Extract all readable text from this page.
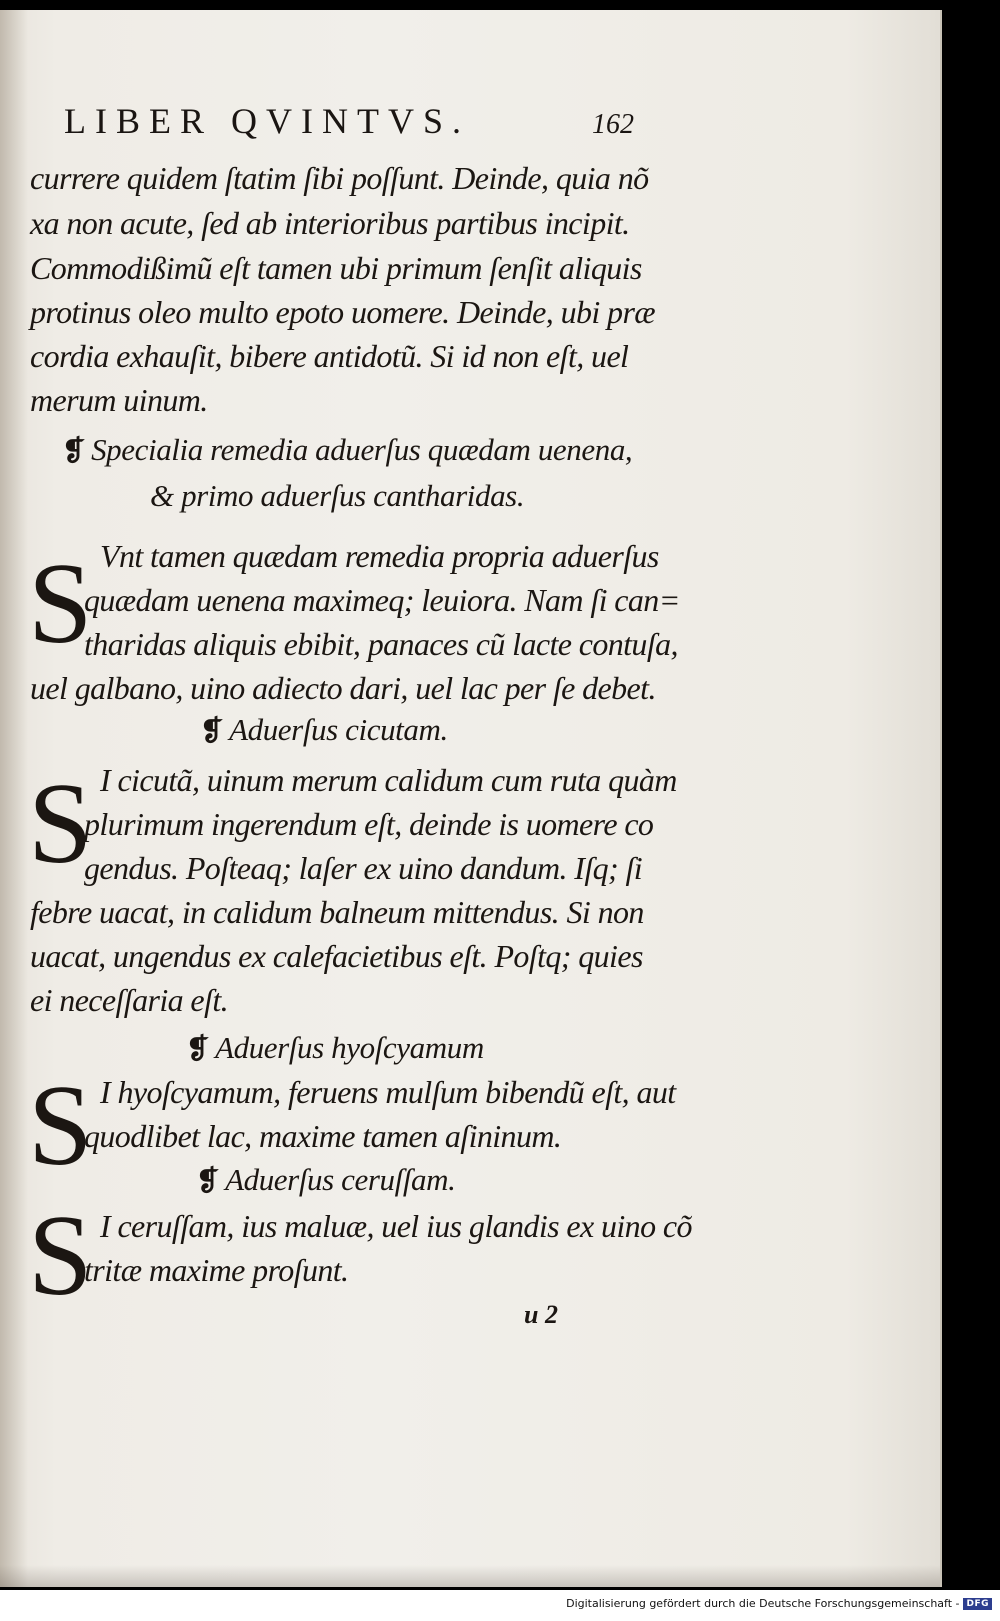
LIBER QVINTVS.	162
currere quidem ſtatim ſibi poſſunt. Deinde, quia nõ
xa non acute, ſed ab interioribus partibus incipit.
Commodißimũ eſt tamen ubi primum ſenſit aliquis
protinus oleo multo epoto uomere. Deinde, ubi præ
cordia exhauſit, bibere antidotũ. Si id non eſt, uel
merum uinum.
❡ Specialia remedia aduerſus quædam uenena,
& primo aduerſus cantharidas.
S Vnt tamen quædam remedia propria aduerſus
quædam uenena maximeq; leuiora. Nam ſi can=
tharidas aliquis ebibit, panaces cũ lacte contuſa,
uel galbano, uino adiecto dari, uel lac per ſe debet.
❡ Aduerſus cicutam.
S I cicutã, uinum merum calidum cum ruta quàm
plurimum ingerendum eſt, deinde is uomere co
gendus. Poſteaq; laſer ex uino dandum. Iſq; ſi
febre uacat, in calidum balneum mittendus. Si non
uacat, ungendus ex calefacietibus eſt. Poſtq; quies
ei neceſſaria eſt.
❡ Aduerſus hyoſcyamum
S I hyoſcyamum, feruens mulſum bibendũ eſt, aut
quodlibet lac, maxime tamen aſininum.
❡ Aduerſus ceruſſam.
S I ceruſſam, ius maluæ, uel ius glandis ex uino cõ
tritæ maxime proſunt.
u 2
Digitalisierung gefördert durch die Deutsche Forschungsgemeinschaft - DFG
